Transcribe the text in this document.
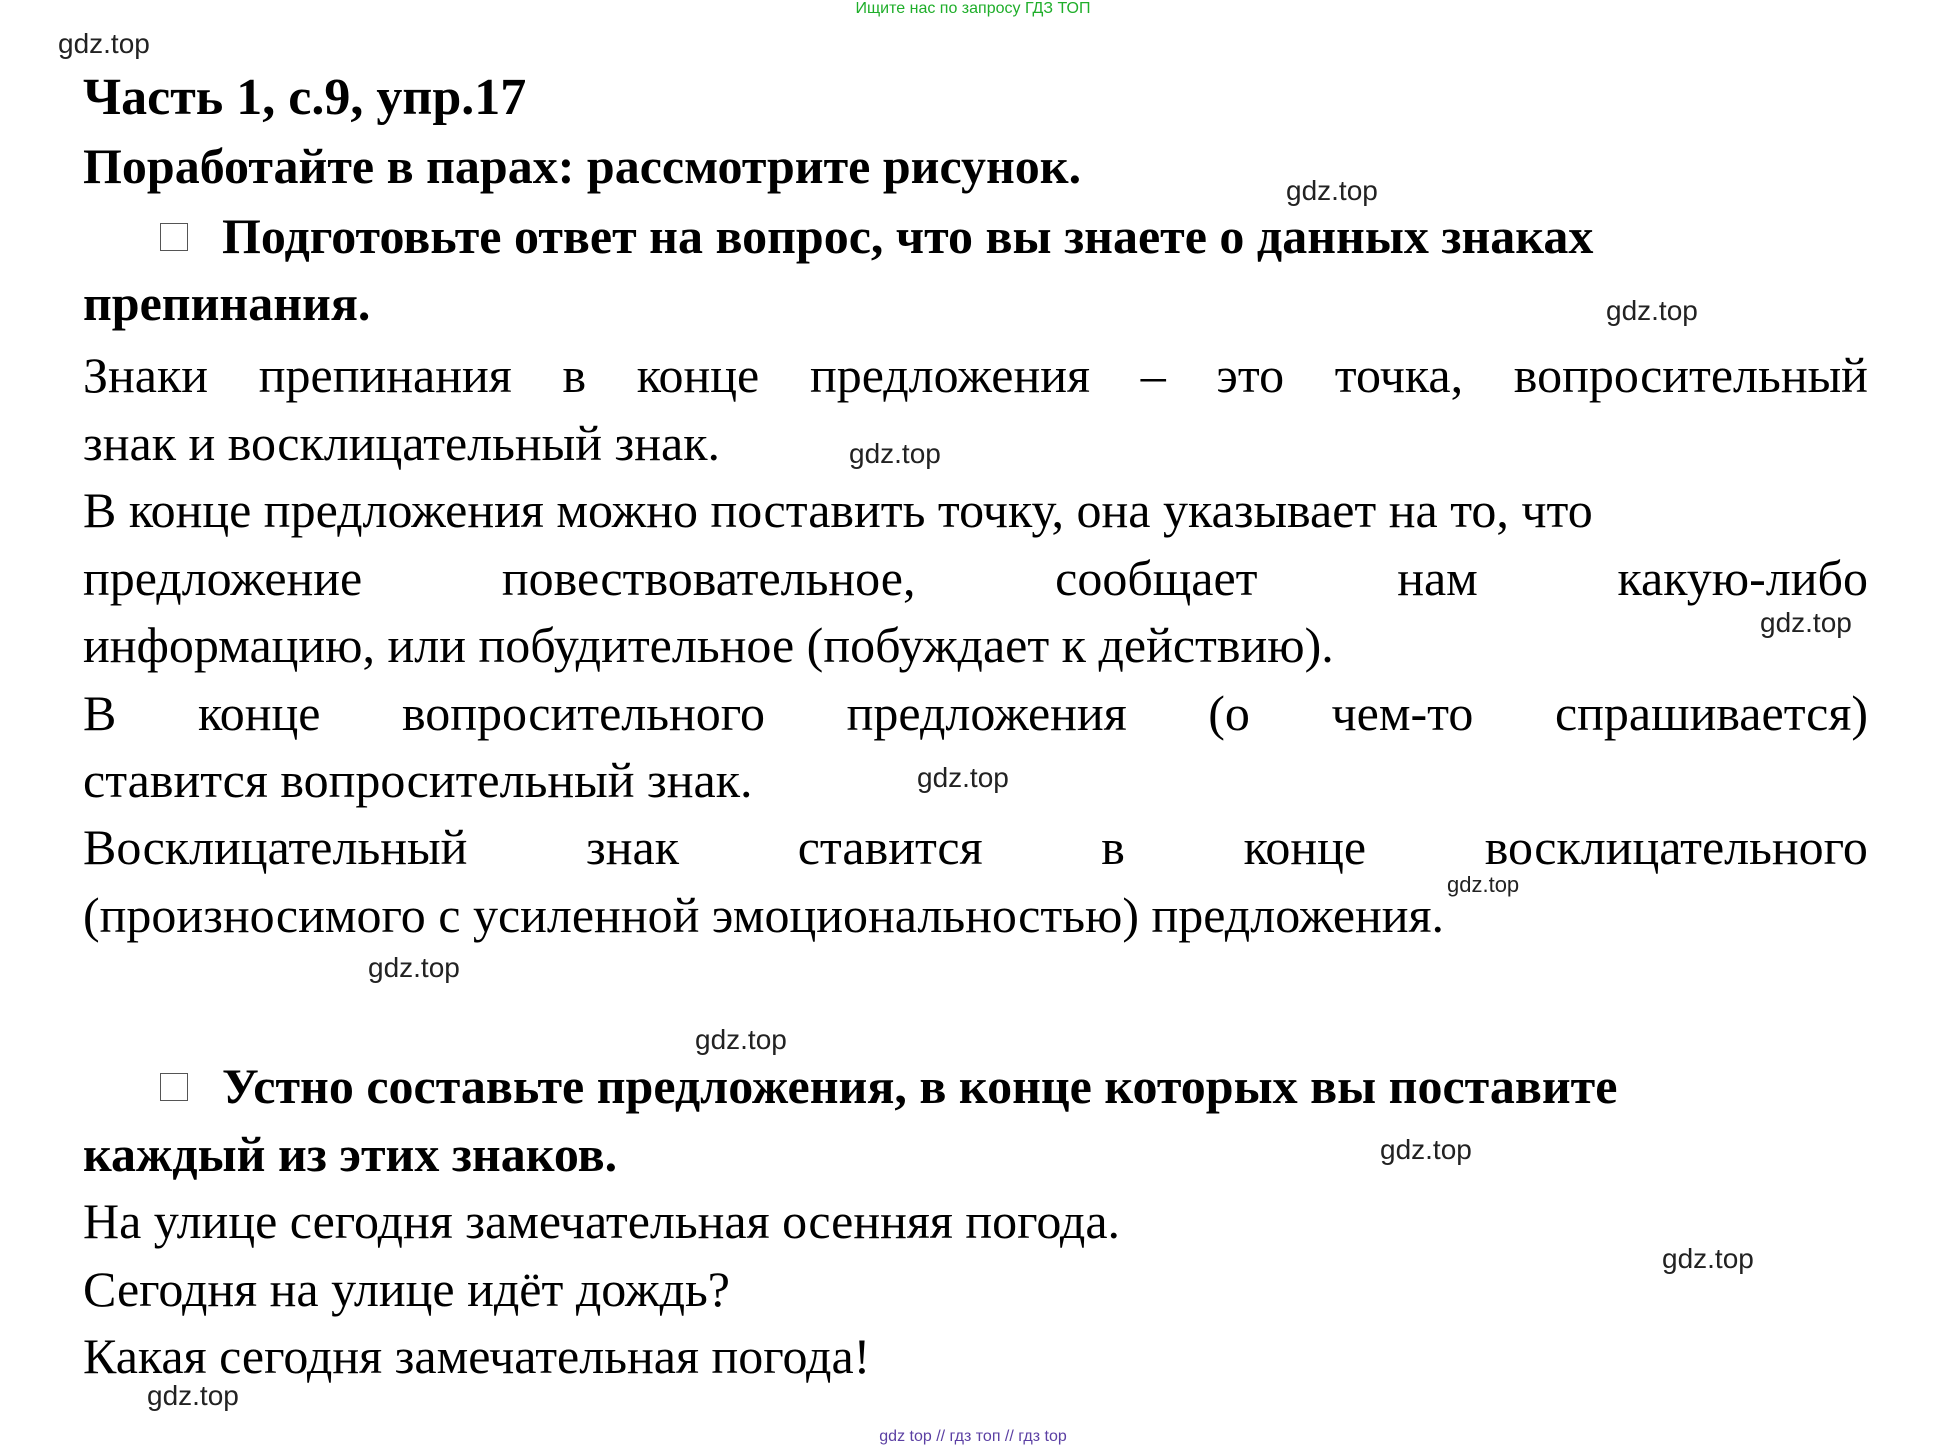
Ищите нас по запросу ГДЗ ТОП
gdz.top
Часть 1, с.9, упр.17
Поработайте в парах: рассмотрите рисунок.	gdz.top
Подготовьте ответ на вопрос, что вы знаете о данных знаках
препинания.	gdz.top
Знаки препинания в конце предложения – это точка, вопросительный
знак и восклицательный знак.	gdz.top
В конце предложения можно поставить точку, она указывает на то, что
предложение	повествовательное,	сообщает	нам	какую-либо
gdz.top
информацию, или побудительное (побуждает к действию).
В конце вопросительного предложения (о чем-то спрашивается)
ставится вопросительный знак.	gdz.top
Восклицательный знак ставится в конце восклицательного
gdz.top
(произносимого с усиленной эмоциональностью) предложения.
gdz.top
gdz.top
Устно составьте предложения, в конце которых вы поставите
каждый из этих знаков.	gdz.top
На улице сегодня замечательная осенняя погода.
gdz.top
Сегодня на улице идёт дождь?
Какая сегодня замечательная погода!
gdz.top
gdz top // гдз топ // гдз top
